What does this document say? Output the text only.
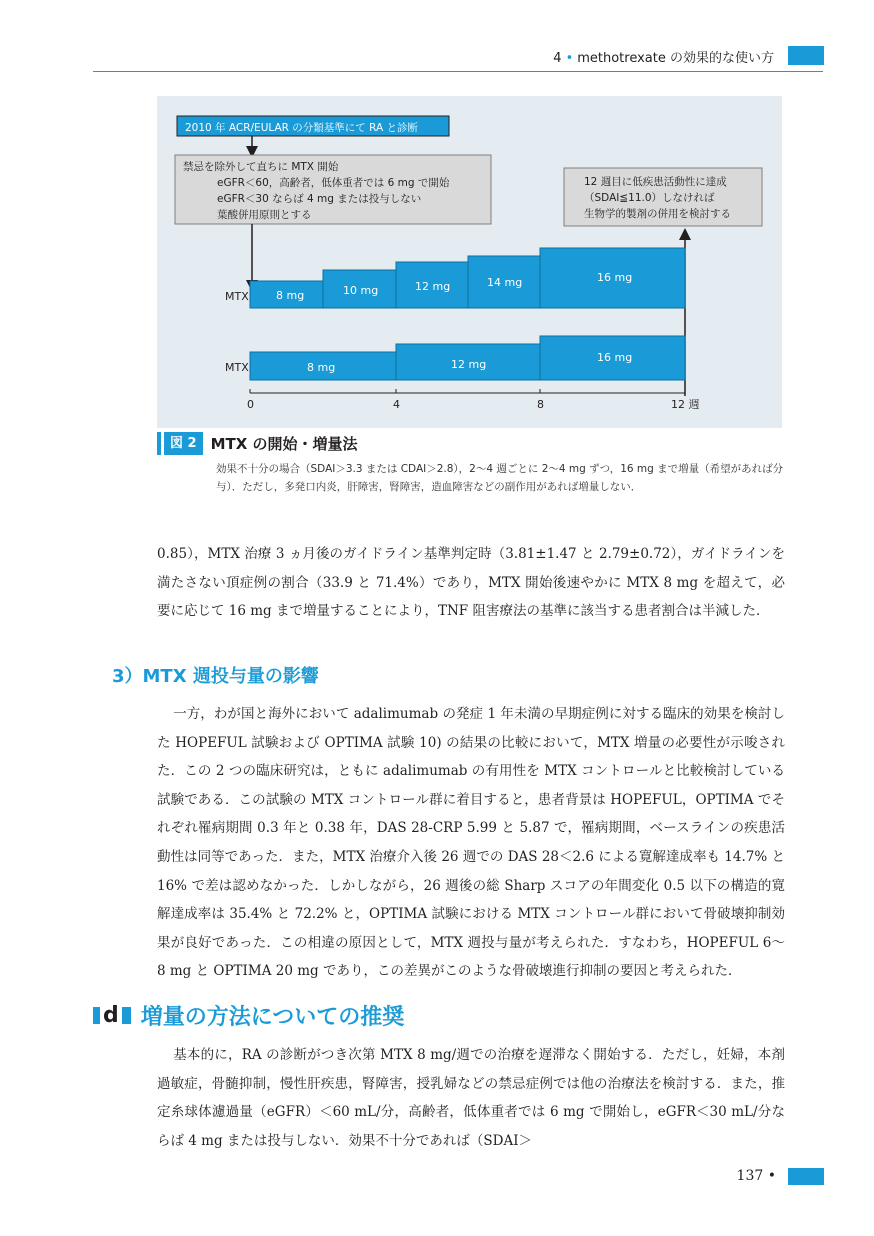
4 • methotrexate の効果的な使い方
2010 年 ACR/EULAR の分類基準にて RA と診断
禁忌を除外して直ちに MTX 開始
eGFR＜60，高齢者，低体重者では 6 mg で開始
eGFR＜30 ならば 4 mg または投与しない
葉酸併用原則とする
12 週目に低疾患活動性に達成
（SDAI≦11.0）しなければ
生物学的製剤の併用を検討する
MTX
MTX
8 mg	10 mg	12 mg	14 mg	16 mg
8 mg	12 mg
16 mg
0	4	8	12 週
図 2 MTX の開始・増量法
効果不十分の場合（SDAI＞3.3 または CDAI＞2.8），2〜4 週ごとに 2〜4 mg ずつ，16 mg まで増量（希望があれば分与）．ただし，多発口内炎，肝障害，腎障害，造血障害などの副作用があれば増量しない．
0.85），MTX 治療 3 ヵ月後のガイドライン基準判定時（3.81±1.47 と 2.79±0.72），ガイドラインを満たさない頂症例の割合（33.9 と 71.4%）であり，MTX 開始後速やかに MTX 8 mg を超えて，必要に応じて 16 mg まで増量することにより，TNF 阻害療法の基準に該当する患者割合は半減した．
3）MTX 週投与量の影響
一方，わが国と海外において adalimumab の発症 1 年未満の早期症例に対する臨床的効果を検討した HOPEFUL 試験および OPTIMA 試験 10) の結果の比較において，MTX 増量の必要性が示唆された．この 2 つの臨床研究は，ともに adalimumab の有用性を MTX コントロールと比較検討している試験である．この試験の MTX コントロール群に着目すると，患者背景は HOPEFUL，OPTIMA でそれぞれ罹病期間 0.3 年と 0.38 年，DAS 28-CRP 5.99 と 5.87 で，罹病期間，ベースラインの疾患活動性は同等であった．また，MTX 治療介入後 26 週での DAS 28＜2.6 による寛解達成率も 14.7% と 16% で差は認めなかった．しかしながら，26 週後の総 Sharp スコアの年間変化 0.5 以下の構造的寛解達成率は 35.4% と 72.2% と，OPTIMA 試験における MTX コントロール群において骨破壊抑制効果が良好であった．この相違の原因として，MTX 週投与量が考えられた．すなわち，HOPEFUL 6〜8 mg と OPTIMA 20 mg であり，この差異がこのような骨破壊進行抑制の要因と考えられた．
d 増量の方法についての推奨
基本的に，RA の診断がつき次第 MTX 8 mg/週での治療を遅滞なく開始する．ただし，妊婦，本剤過敏症，骨髄抑制，慢性肝疾患，腎障害，授乳婦などの禁忌症例では他の治療法を検討する．また，推定糸球体濾過量（eGFR）＜60 mL/分，高齢者，低体重者では 6 mg で開始し，eGFR＜30 mL/分ならば 4 mg または投与しない．効果不十分であれば（SDAI＞
137 •
